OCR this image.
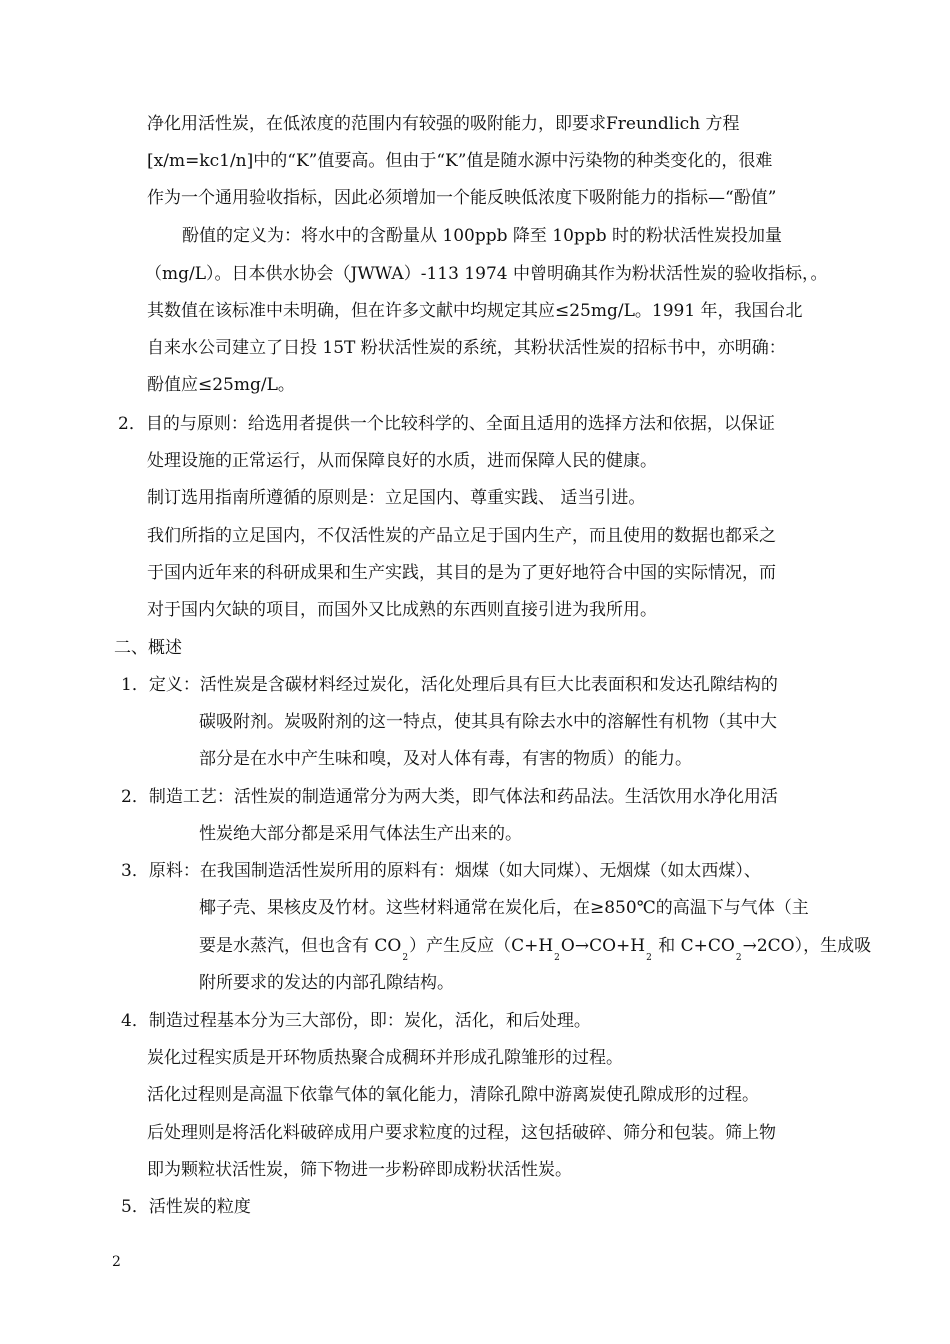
净化用活性炭，在低浓度的范围内有较强的吸附能力，即要求Freundlich 方程
[x/m=kc1/n]中的“K”值要高。但由于“K”值是随水源中污染物的种类变化的，很难
作为一个通用验收指标，因此必须增加一个能反映低浓度下吸附能力的指标—“酚值”
酚值的定义为：将水中的含酚量从 100ppb 降至 10ppb 时的粉状活性炭投加量
（mg/L）。日本供水协会（JWWA）-113 1974 中曾明确其作为粉状活性炭的验收指标，。
其数值在该标准中未明确，但在许多文献中均规定其应≤25mg/L。1991 年，我国台北
自来水公司建立了日投 15T 粉状活性炭的系统，其粉状活性炭的招标书中，亦明确：
酚值应≤25mg/L。
2．目的与原则：给选用者提供一个比较科学的、全面且适用的选择方法和依据，以保证
处理设施的正常运行，从而保障良好的水质，进而保障人民的健康。
制订选用指南所遵循的原则是：立足国内、尊重实践、 适当引进。
我们所指的立足国内，不仅活性炭的产品立足于国内生产，而且使用的数据也都采之
于国内近年来的科研成果和生产实践，其目的是为了更好地符合中国的实际情况，而
对于国内欠缺的项目，而国外又比成熟的东西则直接引进为我所用。
二、概述
1．定义：活性炭是含碳材料经过炭化，活化处理后具有巨大比表面积和发达孔隙结构的
碳吸附剂。炭吸附剂的这一特点，使其具有除去水中的溶解性有机物（其中大
部分是在水中产生味和嗅，及对人体有毒，有害的物质）的能力。
2．制造工艺：活性炭的制造通常分为两大类，即气体法和药品法。生活饮用水净化用活
性炭绝大部分都是采用气体法生产出来的。
3．原料：在我国制造活性炭所用的原料有：烟煤（如大同煤）、无烟煤（如太西煤）、
椰子壳、果核皮及竹材。这些材料通常在炭化后，在≥850℃的高温下与气体（主
要是水蒸汽，但也含有 CO2）产生反应（C+H2O→CO+H2 和 C+CO2→2CO），生成吸
附所要求的发达的内部孔隙结构。
4．制造过程基本分为三大部份，即：炭化，活化，和后处理。
炭化过程实质是开环物质热聚合成稠环并形成孔隙雏形的过程。
活化过程则是高温下依靠气体的氧化能力，清除孔隙中游离炭使孔隙成形的过程。
后处理则是将活化料破碎成用户要求粒度的过程，这包括破碎、筛分和包装。筛上物
即为颗粒状活性炭，筛下物进一步粉碎即成粉状活性炭。
5．活性炭的粒度
2
